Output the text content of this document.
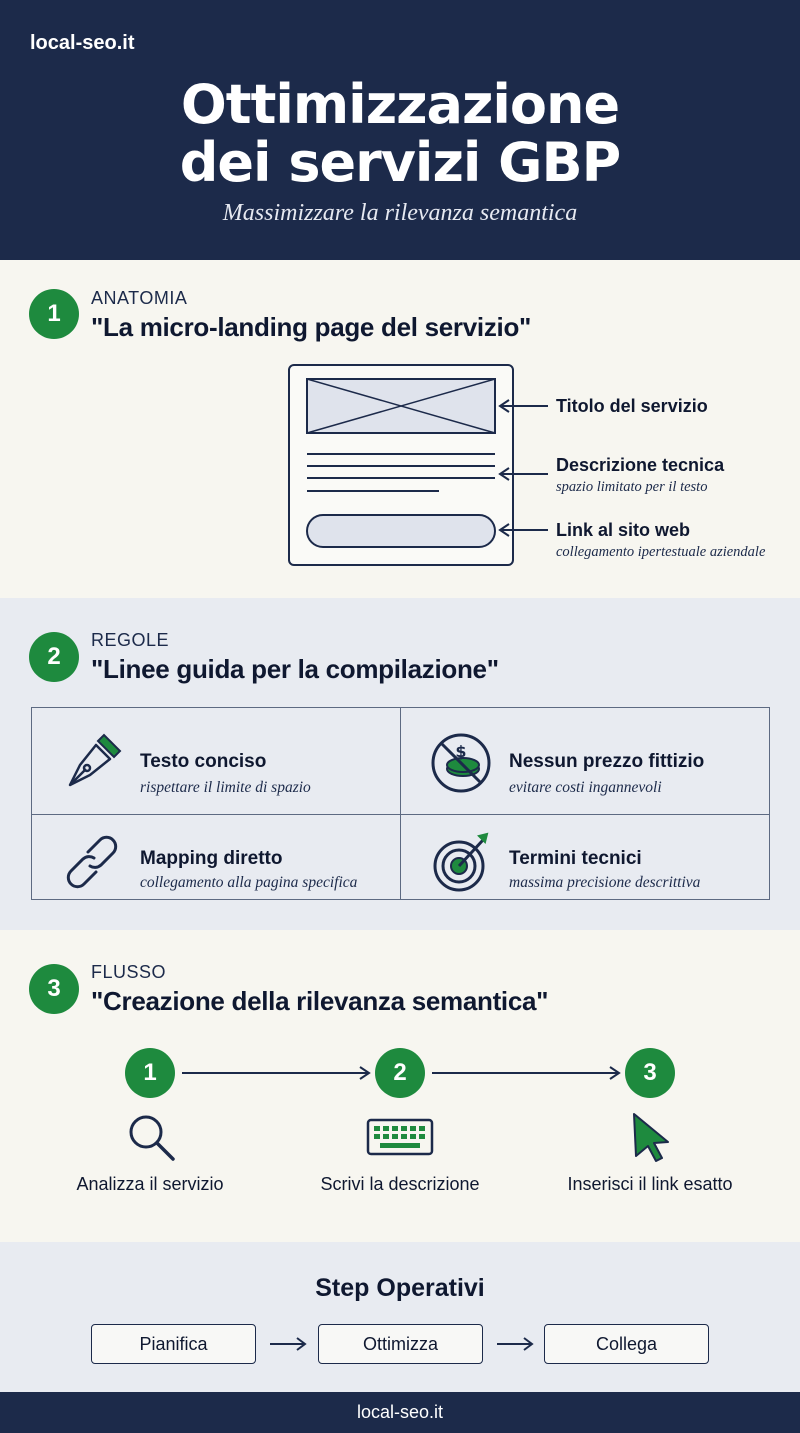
local-seo.it
Ottimizzazione
dei servizi GBP
Massimizzare la rilevanza semantica
1
ANATOMIA
"La micro-landing page del servizio"
Titolo del servizio
Descrizione tecnica
spazio limitato per il testo
Link al sito web
collegamento ipertestuale aziendale
2
REGOLE
"Linee guida per la compilazione"
Testo conciso
rispettare il limite di spazio
$ Nessun prezzo fittizio
evitare costi ingannevoli
Mapping diretto
collegamento alla pagina specifica
Termini tecnici
massima precisione descrittiva
3
FLUSSO
"Creazione della rilevanza semantica"
1	2	3
Analizza il servizio	Scrivi la descrizione	Inserisci il link esatto
Step Operativi
Pianifica	Ottimizza	Collega
local-seo.it
